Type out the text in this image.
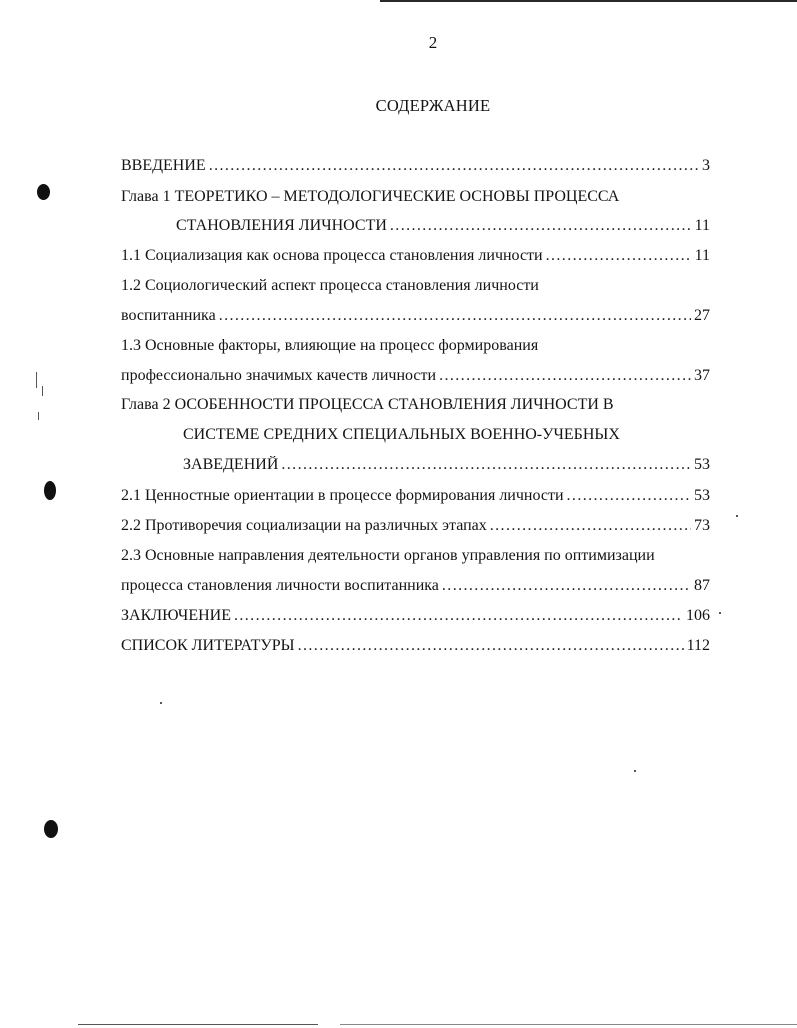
2
СОДЕРЖАНИЕ
ВВЕДЕНИЕ .....	3
Глава 1 ТЕОРЕТИКО – МЕТОДОЛОГИЧЕСКИЕ ОСНОВЫ ПРОЦЕССА
СТАНОВЛЕНИЯ ЛИЧНОСТИ .....	11
1.1 Социализация как основа процесса становления личности .....	11
1.2 Социологический аспект процесса становления личности
воспитанника .....	27
1.3 Основные факторы, влияющие на процесс формирования
профессионально значимых качеств личности .....	37
Глава 2 ОСОБЕННОСТИ ПРОЦЕССА СТАНОВЛЕНИЯ ЛИЧНОСТИ В
СИСТЕМЕ СРЕДНИХ СПЕЦИАЛЬНЫХ ВОЕННО-УЧЕБНЫХ
ЗАВЕДЕНИЙ .....	53
2.1 Ценностные ориентации в процессе формирования личности .....	53
2.2 Противоречия социализации на различных этапах .....	73
2.3 Основные направления деятельности органов управления по оптимизации
процесса становления личности воспитанника .....	87
ЗАКЛЮЧЕНИЕ .....	106
СПИСОК ЛИТЕРАТУРЫ .....	112
